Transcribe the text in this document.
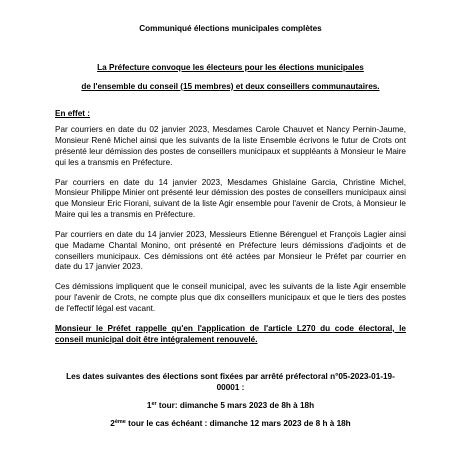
Communiqué élections municipales complètes

La Préfecture convoque les électeurs pour les élections municipales

de l'ensemble du conseil (15 membres) et deux conseillers communautaires.

En effet :

Par courriers en date du 02 janvier 2023, Mesdames Carole Chauvet et Nancy Pernin-Jaume, Monsieur René Michel ainsi que les suivants de la liste Ensemble écrivons le futur de Crots ont présenté leur démission des postes de conseillers municipaux et suppléants à Monsieur le Maire qui les a transmis en Préfecture.

Par courriers en date du 14 janvier 2023, Mesdames Ghislaine Garcia, Christine Michel, Monsieur Philippe Minier ont présenté leur démission des postes de conseillers municipaux ainsi que Monsieur Eric Fiorani, suivant de la liste Agir ensemble pour l'avenir de Crots, à Monsieur le Maire qui les a transmis en Préfecture.

Par courriers en date du 14 janvier 2023, Messieurs Etienne Bérenguel et François Lagier ainsi que Madame Chantal Monino, ont présenté en Préfecture leurs démissions d'adjoints et de conseillers municipaux. Ces démissions ont été actées par Monsieur le Préfet par courrier en date du 17 janvier 2023.

Ces démissions impliquent que le conseil municipal, avec les suivants de la liste Agir ensemble pour l'avenir de Crots, ne compte plus que dix conseillers municipaux et que le tiers des postes de l'effectif légal est vacant.

Monsieur le Préfet rappelle qu'en l'application de l'article L270 du code électoral, le conseil municipal doit être intégralement renouvelé.

Les dates suivantes des élections sont fixées par arrêté préfectoral n°05-2023-01-19-00001 :

1er tour: dimanche 5 mars 2023 de 8h à 18h

2ème tour le cas échéant : dimanche 12 mars 2023 de 8 h à 18h
